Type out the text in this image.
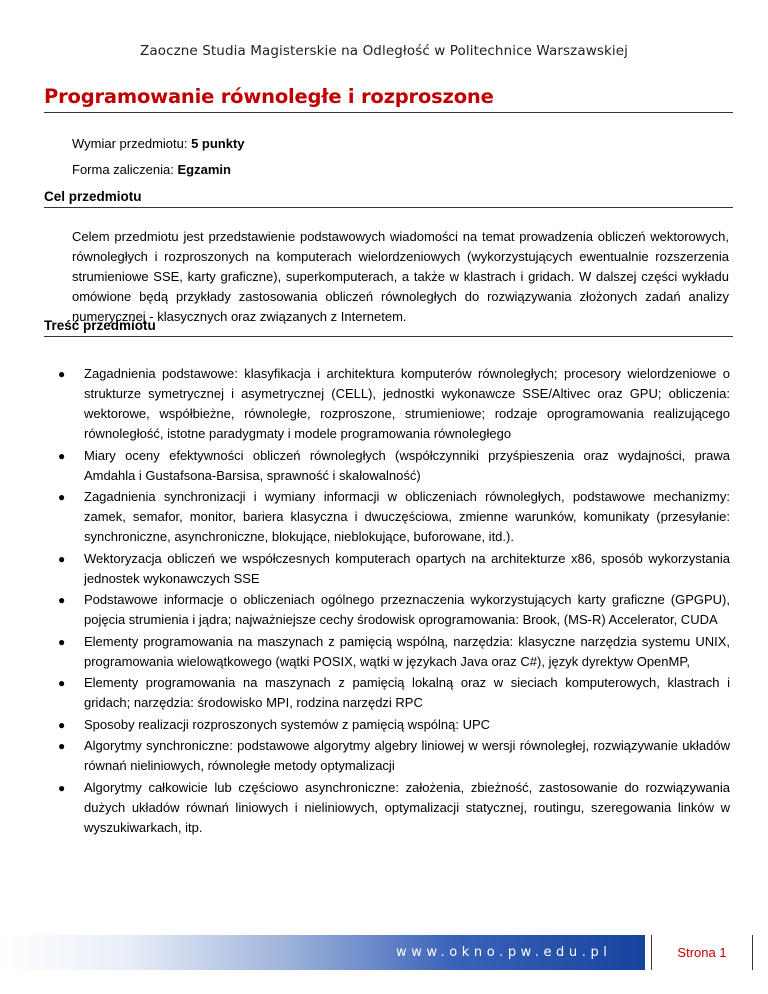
Zaoczne Studia Magisterskie na Odległość w Politechnice Warszawskiej
Programowanie równoległe i rozproszone
Wymiar przedmiotu: 5 punkty
Forma zaliczenia: Egzamin
Cel przedmiotu
Celem przedmiotu jest przedstawienie podstawowych wiadomości na temat prowadzenia obliczeń wektorowych, równoległych i rozproszonych na komputerach wielordzeniowych (wykorzystujących ewentualnie rozszerzenia strumieniowe SSE, karty graficzne), superkomputerach, a także w klastrach i gridach. W dalszej części wykładu omówione będą przykłady zastosowania obliczeń równoległych do rozwiązywania złożonych zadań analizy numerycznej - klasycznych oraz związanych z Internetem.
Treść przedmiotu
● Zagadnienia podstawowe: klasyfikacja i architektura komputerów równoległych; procesory wielordzeniowe o strukturze symetrycznej i asymetrycznej (CELL), jednostki wykonawcze SSE/Altivec oraz GPU; obliczenia: wektorowe, współbieżne, równoległe, rozproszone, strumieniowe; rodzaje oprogramowania realizującego równoległość, istotne paradygmaty i modele programowania równoległego
● Miary oceny efektywności obliczeń równoległych (współczynniki przyśpieszenia oraz wydajności, prawa Amdahla i Gustafsona-Barsisa, sprawność i skalowalność)
● Zagadnienia synchronizacji i wymiany informacji w obliczeniach równoległych, podstawowe mechanizmy: zamek, semafor, monitor, bariera klasyczna i dwuczęściowa, zmienne warunków, komunikaty (przesyłanie: synchroniczne, asynchroniczne, blokujące, nieblokujące, buforowane, itd.).
● Wektoryzacja obliczeń we współczesnych komputerach opartych na architekturze x86, sposób wykorzystania jednostek wykonawczych SSE
● Podstawowe informacje o obliczeniach ogólnego przeznaczenia wykorzystujących karty graficzne (GPGPU), pojęcia strumienia i jądra; najważniejsze cechy środowisk oprogramowania: Brook, (MS-R) Accelerator, CUDA
● Elementy programowania na maszynach z pamięcią wspólną, narzędzia: klasyczne narzędzia systemu UNIX, programowania wielowątkowego (wątki POSIX, wątki w językach Java oraz C#), język dyrektyw OpenMP,
● Elementy programowania na maszynach z pamięcią lokalną oraz w sieciach komputerowych, klastrach i gridach; narzędzia: środowisko MPI, rodzina narzędzi RPC
● Sposoby realizacji rozproszonych systemów z pamięcią wspólną: UPC
● Algorytmy synchroniczne: podstawowe algorytmy algebry liniowej w wersji równoległej, rozwiązywanie układów równań nieliniowych, równoległe metody optymalizacji
● Algorytmy całkowicie lub częściowo asynchroniczne: założenia, zbieżność, zastosowanie do rozwiązywania dużych układów równań liniowych i nieliniowych, optymalizacji statycznej, routingu, szeregowania linków w wyszukiwarkach, itp.
www.okno.pw.edu.pl	Strona 1
